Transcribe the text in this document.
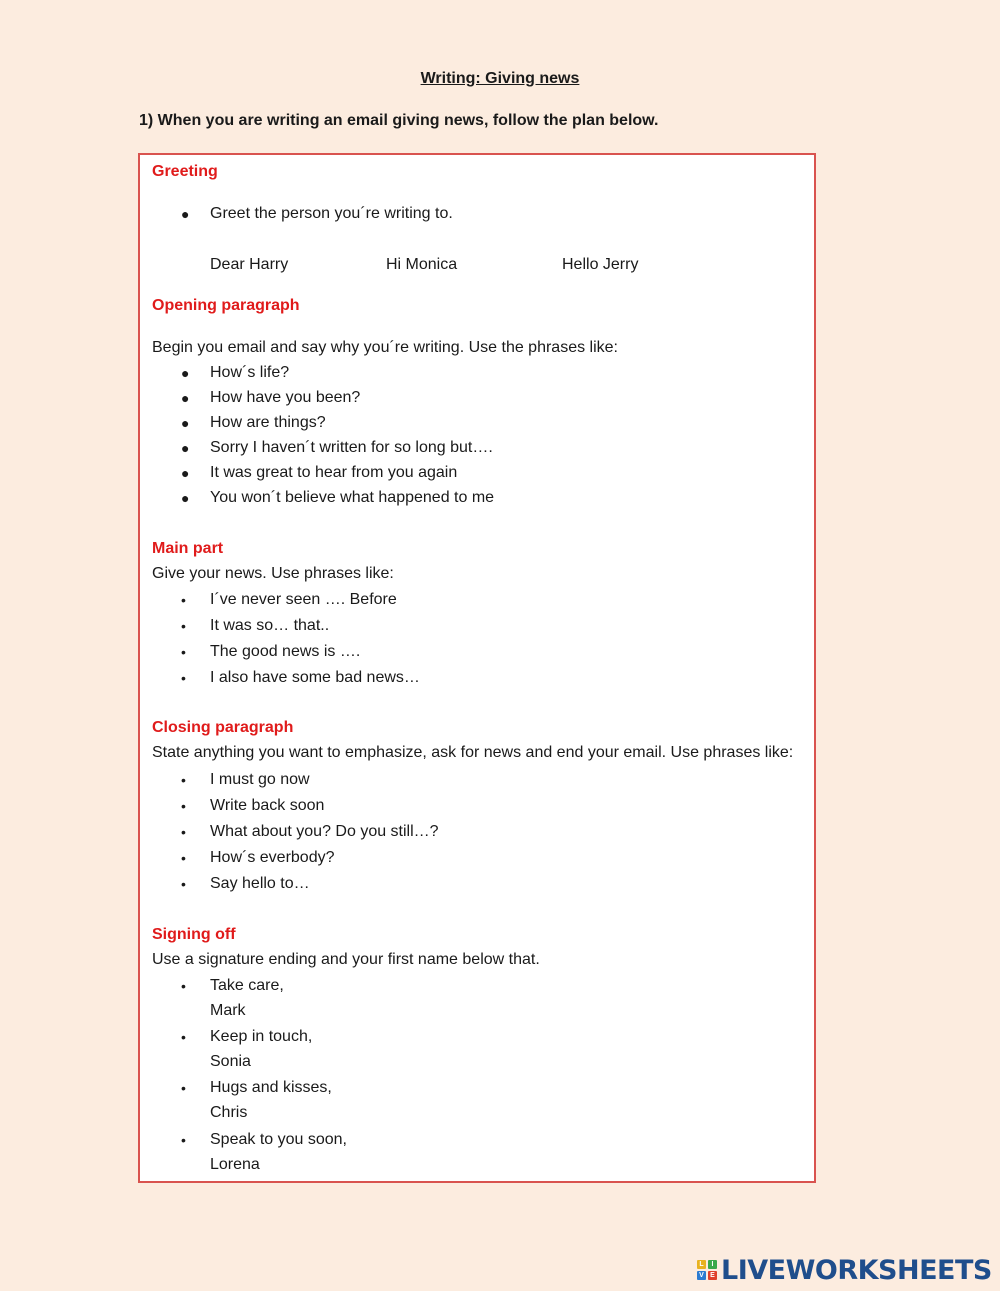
Writing: Giving news
1) When you are writing an email giving news, follow the plan below.
Greeting
● Greet the person you´re writing to.
Dear Harry	Hi Monica	Hello Jerry
Opening paragraph
Begin you email and say why you´re writing. Use the phrases like:
● How´s life?
● How have you been?
● How are things?
● Sorry I haven´t written for so long but….
● It was great to hear from you again
● You won´t believe what happened to me
Main part
Give your news. Use phrases like:
• I´ve never seen …. Before
• It was so… that..
• The good news is ….
• I also have some bad news…
Closing paragraph
State anything you want to emphasize, ask for news and end your email. Use phrases like:
• I must go now
• Write back soon
• What about you? Do you still…?
• How´s everbody?
• Say hello to…
Signing off
Use a signature ending and your first name below that.
• Take care,
Mark
• Keep in touch,
Sonia
• Hugs and kisses,
Chris
• Speak to you soon,
Lorena
L	I
V E LIVEWORKSHEETS
